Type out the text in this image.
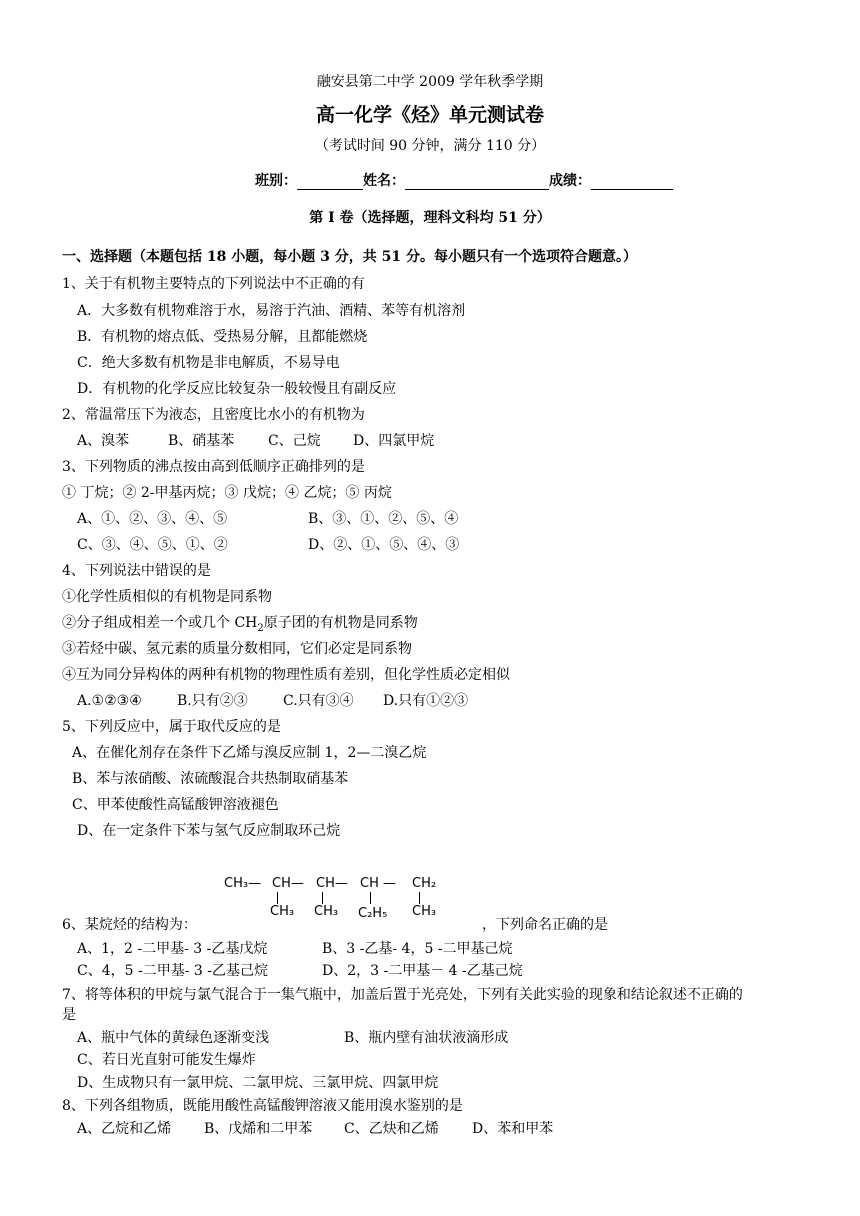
融安县第二中学 2009 学年秋季学期
高一化学《烃》单元测试卷
（考试时间 90 分钟，满分 110 分）
班别：	姓名：	成绩：
第 I 卷（选择题，理科文科均 51 分）
一、选择题（本题包括 18 小题，每小题 3 分，共 51 分。每小题只有一个选项符合题意。）
1、关于有机物主要特点的下列说法中不正确的有
A．大多数有机物难溶于水，易溶于汽油、酒精、苯等有机溶剂
B．有机物的熔点低、受热易分解，且都能燃烧
C．绝大多数有机物是非电解质，不易导电
D．有机物的化学反应比较复杂一般较慢且有副反应
2、常温常压下为液态，且密度比水小的有机物为
A、溴苯	B、硝基苯 C、己烷 D、四氯甲烷
3、下列物质的沸点按由高到低顺序正确排列的是
① 丁烷；② 2-甲基丙烷；③ 戊烷；④ 乙烷；⑤ 丙烷
A、①、②、③、④、⑤	B、③、①、②、⑤、④
C、③、④、⑤、①、②	D、②、①、⑤、④、③
4、下列说法中错误的是
①化学性质相似的有机物是同系物
②分子组成相差一个或几个 $CH_2$原子团的有机物是同系物
③若烃中碳、氢元素的质量分数相同，它们必定是同系物
④互为同分异构体的两种有机物的物理性质有差别，但化学性质必定相似
A.①②③④	B.只有②③	C.只有③④ D.只有①②③
5、下列反应中，属于取代反应的是
A、在催化剂存在条件下乙烯与溴反应制 1，2—二溴乙烷
B、苯与浓硝酸、浓硫酸混合共热制取硝基苯
C、甲苯使酸性高锰酸钾溶液褪色
D、在一定条件下苯与氢气反应制取环己烷
CH₃— CH— CH— CH — CH₂
CH₃ CH₃ C₂H₅ CH₃
6、某烷烃的结构为：	，下列命名正确的是
A、1，2 -二甲基- 3 -乙基戊烷	B、3 -乙基- 4，5 -二甲基己烷
C、4，5 -二甲基- 3 -乙基己烷	D、2，3 -二甲基－ 4 -乙基己烷
7、将等体积的甲烷与氯气混合于一集气瓶中，加盖后置于光亮处，下列有关此实验的现象和结论叙述不正确的
是
A、瓶中气体的黄绿色逐渐变浅	B、瓶内壁有油状液滴形成
C、若日光直射可能发生爆炸
D、生成物只有一氯甲烷、二氯甲烷、三氯甲烷、四氯甲烷
8、下列各组物质，既能用酸性高锰酸钾溶液又能用溴水鉴别的是
A、乙烷和乙烯 B、戊烯和二甲苯 C、乙炔和乙烯 D、苯和甲苯
